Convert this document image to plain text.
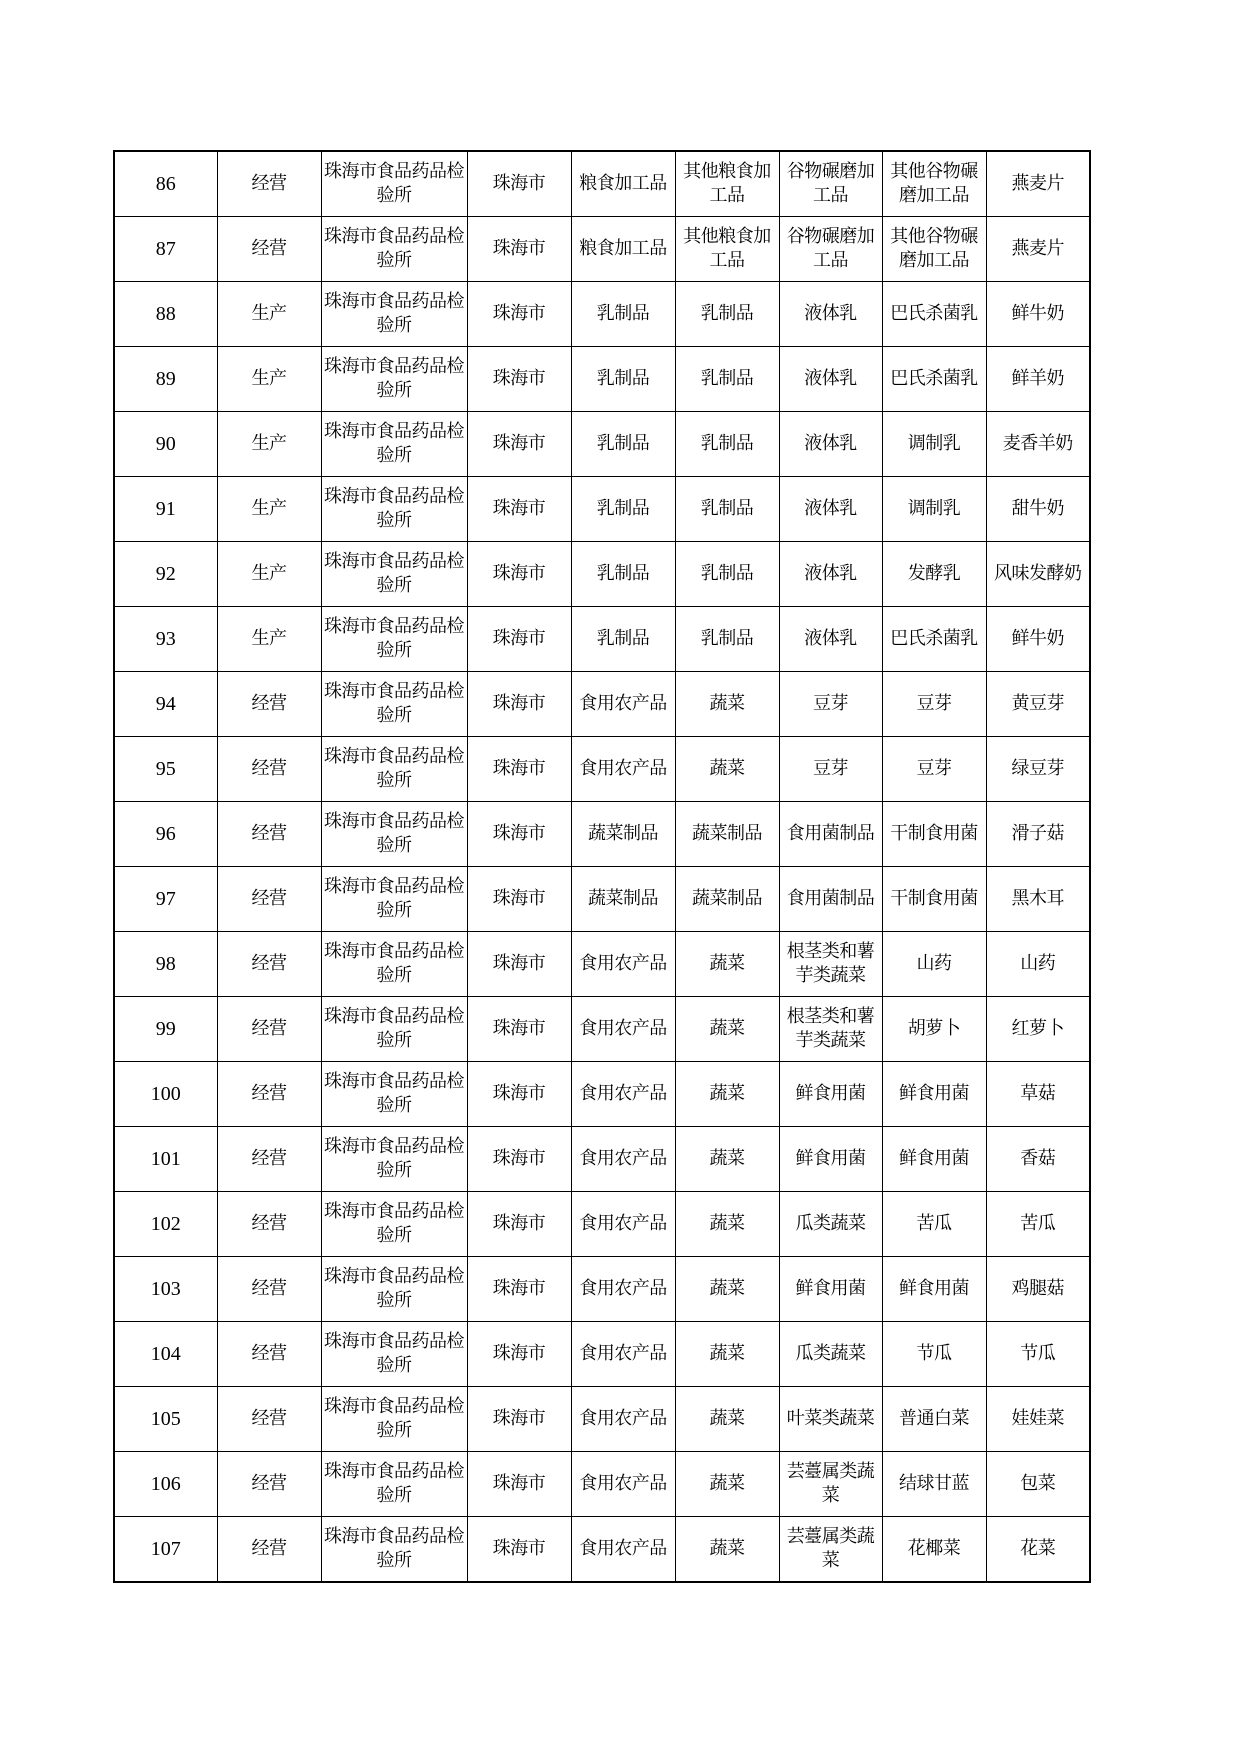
86	经营	珠海市食品药品检验所	珠海市	粮食加工品	其他粮食加工品	谷物碾磨加工品	其他谷物碾磨加工品	燕麦片
87	经营	珠海市食品药品检验所	珠海市	粮食加工品	其他粮食加工品	谷物碾磨加工品	其他谷物碾磨加工品	燕麦片
88	生产	珠海市食品药品检验所	珠海市	乳制品	乳制品	液体乳	巴氏杀菌乳	鲜牛奶
89	生产	珠海市食品药品检验所	珠海市	乳制品	乳制品	液体乳	巴氏杀菌乳	鲜羊奶
90	生产	珠海市食品药品检验所	珠海市	乳制品	乳制品	液体乳	调制乳	麦香羊奶
91	生产	珠海市食品药品检验所	珠海市	乳制品	乳制品	液体乳	调制乳	甜牛奶
92	生产	珠海市食品药品检验所	珠海市	乳制品	乳制品	液体乳	发酵乳	风味发酵奶
93	生产	珠海市食品药品检验所	珠海市	乳制品	乳制品	液体乳	巴氏杀菌乳	鲜牛奶
94	经营	珠海市食品药品检验所	珠海市	食用农产品	蔬菜	豆芽	豆芽	黄豆芽
95	经营	珠海市食品药品检验所	珠海市	食用农产品	蔬菜	豆芽	豆芽	绿豆芽
96	经营	珠海市食品药品检验所	珠海市	蔬菜制品	蔬菜制品	食用菌制品	干制食用菌	滑子菇
97	经营	珠海市食品药品检验所	珠海市	蔬菜制品	蔬菜制品	食用菌制品	干制食用菌	黑木耳
98	经营	珠海市食品药品检验所	珠海市	食用农产品	蔬菜	根茎类和薯芋类蔬菜	山药	山药
99	经营	珠海市食品药品检验所	珠海市	食用农产品	蔬菜	根茎类和薯芋类蔬菜	胡萝卜	红萝卜
100	经营	珠海市食品药品检验所	珠海市	食用农产品	蔬菜	鲜食用菌	鲜食用菌	草菇
101	经营	珠海市食品药品检验所	珠海市	食用农产品	蔬菜	鲜食用菌	鲜食用菌	香菇
102	经营	珠海市食品药品检验所	珠海市	食用农产品	蔬菜	瓜类蔬菜	苦瓜	苦瓜
103	经营	珠海市食品药品检验所	珠海市	食用农产品	蔬菜	鲜食用菌	鲜食用菌	鸡腿菇
104	经营	珠海市食品药品检验所	珠海市	食用农产品	蔬菜	瓜类蔬菜	节瓜	节瓜
105	经营	珠海市食品药品检验所	珠海市	食用农产品	蔬菜	叶菜类蔬菜	普通白菜	娃娃菜
106	经营	珠海市食品药品检验所	珠海市	食用农产品	蔬菜	芸薹属类蔬菜	结球甘蓝	包菜
107	经营	珠海市食品药品检验所	珠海市	食用农产品	蔬菜	芸薹属类蔬菜	花椰菜	花菜
